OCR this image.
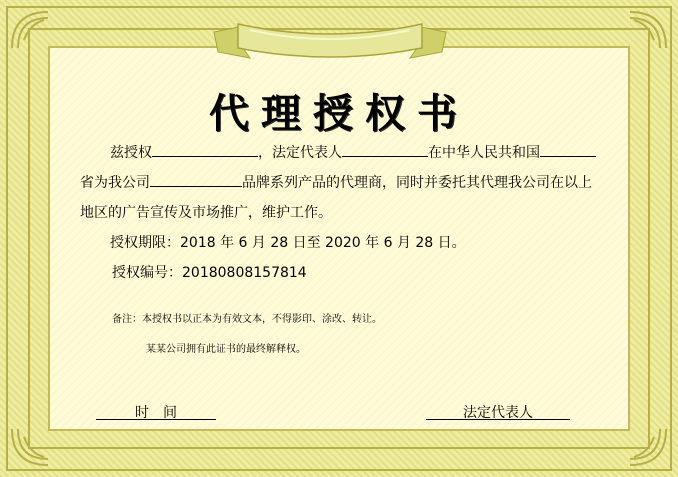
代理授权书
兹授权	，法定代表人	在中华人民共和国
省为我公司	品牌系列产品的代理商，同时并委托其代理我公司在以上
地区的广告宣传及市场推广，维护工作。
授权期限：2018 年 6 月 28 日至 2020 年 6 月 28 日。
授权编号：20180808157814
备注：本授权书以正本为有效文本，不得影印、涂改、转让。
某某公司拥有此证书的最终解释权。
时　间	法定代表人
